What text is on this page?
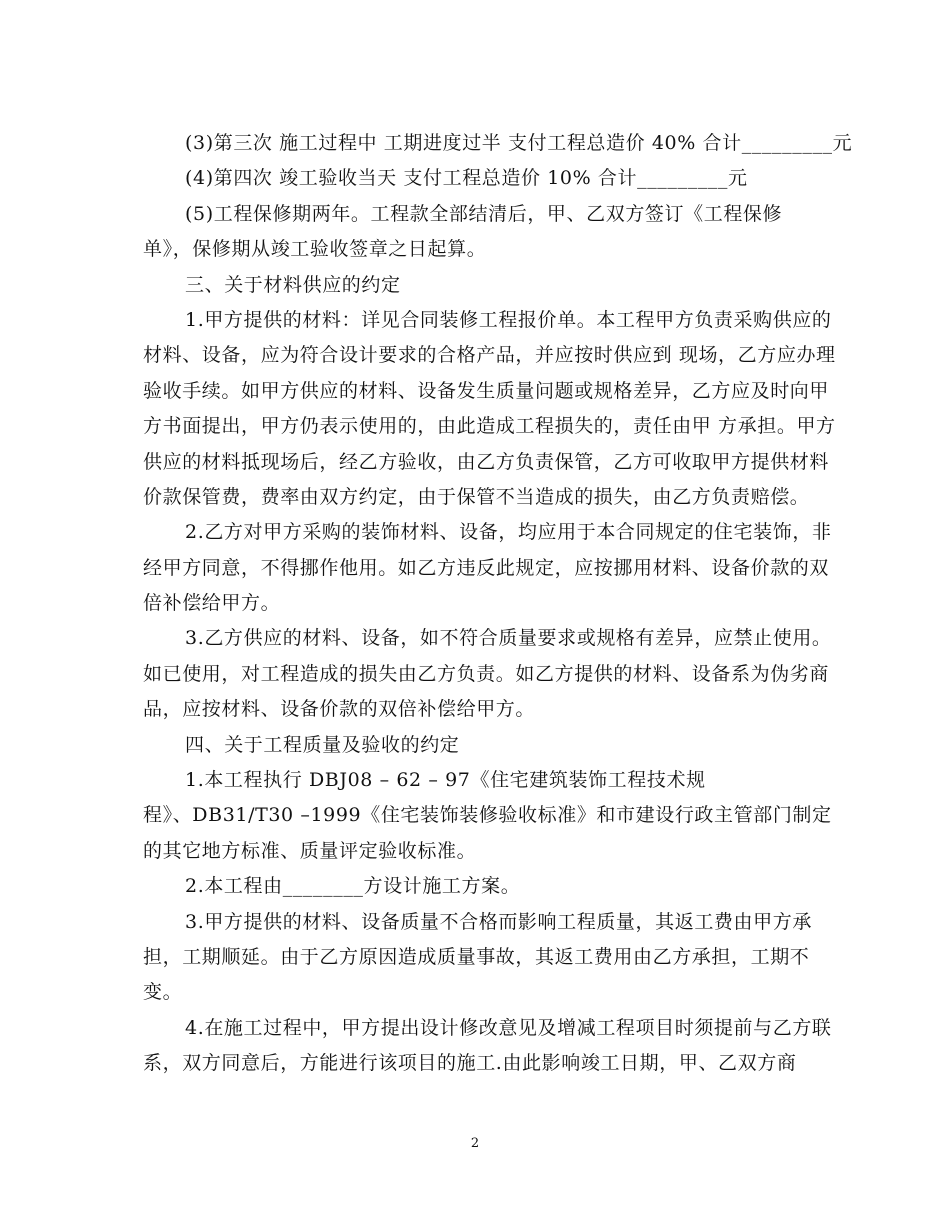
(3)第三次 施工过程中 工期进度过半 支付工程总造价 40% 合计_________元
(4)第四次 竣工验收当天 支付工程总造价 10% 合计_________元
(5)工程保修期两年。工程款全部结清后，甲、乙双方签订《工程保修
单》，保修期从竣工验收签章之日起算。
三、关于材料供应的约定
1.甲方提供的材料：详见合同装修工程报价单。本工程甲方负责采购供应的
材料、设备，应为符合设计要求的合格产品，并应按时供应到 现场，乙方应办理
验收手续。如甲方供应的材料、设备发生质量问题或规格差异，乙方应及时向甲
方书面提出，甲方仍表示使用的，由此造成工程损失的，责任由甲 方承担。甲方
供应的材料抵现场后，经乙方验收，由乙方负责保管，乙方可收取甲方提供材料
价款保管费，费率由双方约定，由于保管不当造成的损失，由乙方负责赔偿。
2.乙方对甲方采购的装饰材料、设备，均应用于本合同规定的住宅装饰，非
经甲方同意，不得挪作他用。如乙方违反此规定，应按挪用材料、设备价款的双
倍补偿给甲方。
3.乙方供应的材料、设备，如不符合质量要求或规格有差异，应禁止使用。
如已使用，对工程造成的损失由乙方负责。如乙方提供的材料、设备系为伪劣商
品，应按材料、设备价款的双倍补偿给甲方。
四、关于工程质量及验收的约定
1.本工程执行 DBJ08 – 62 – 97《住宅建筑装饰工程技术规
程》、DB31/T30 –1999《住宅装饰装修验收标准》和市建设行政主管部门制定
的其它地方标准、质量评定验收标准。
2.本工程由________方设计施工方案。
3.甲方提供的材料、设备质量不合格而影响工程质量，其返工费由甲方承
担，工期顺延。由于乙方原因造成质量事故，其返工费用由乙方承担，工期不
变。
4.在施工过程中，甲方提出设计修改意见及增减工程项目时须提前与乙方联
系，双方同意后，方能进行该项目的施工.由此影响竣工日期，甲、乙双方商
2
